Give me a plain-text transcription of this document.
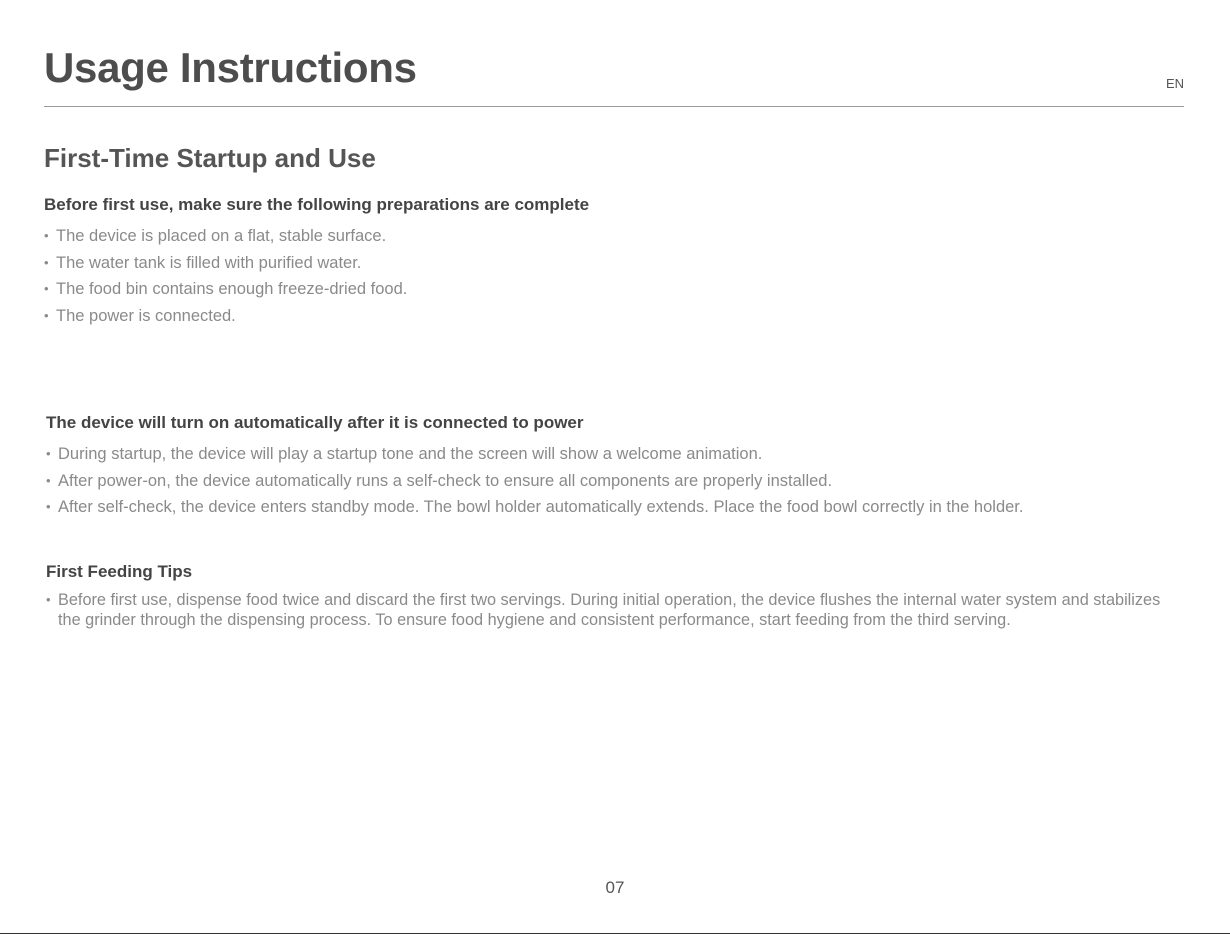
Usage Instructions	EN
First-Time Startup and Use
Before first use, make sure the following preparations are complete
• The device is placed on a flat, stable surface.
• The water tank is filled with purified water.
• The food bin contains enough freeze-dried food.
• The power is connected.
The device will turn on automatically after it is connected to power
• During startup, the device will play a startup tone and the screen will show a welcome animation.
• After power-on, the device automatically runs a self-check to ensure all components are properly installed.
• After self-check, the device enters standby mode. The bowl holder automatically extends. Place the food bowl correctly in the holder.
First Feeding Tips
• Before first use, dispense food twice and discard the first two servings. During initial operation, the device flushes the internal water system and stabilizes the grinder through the dispensing process. To ensure food hygiene and consistent performance, start feeding from the third serving.
07
